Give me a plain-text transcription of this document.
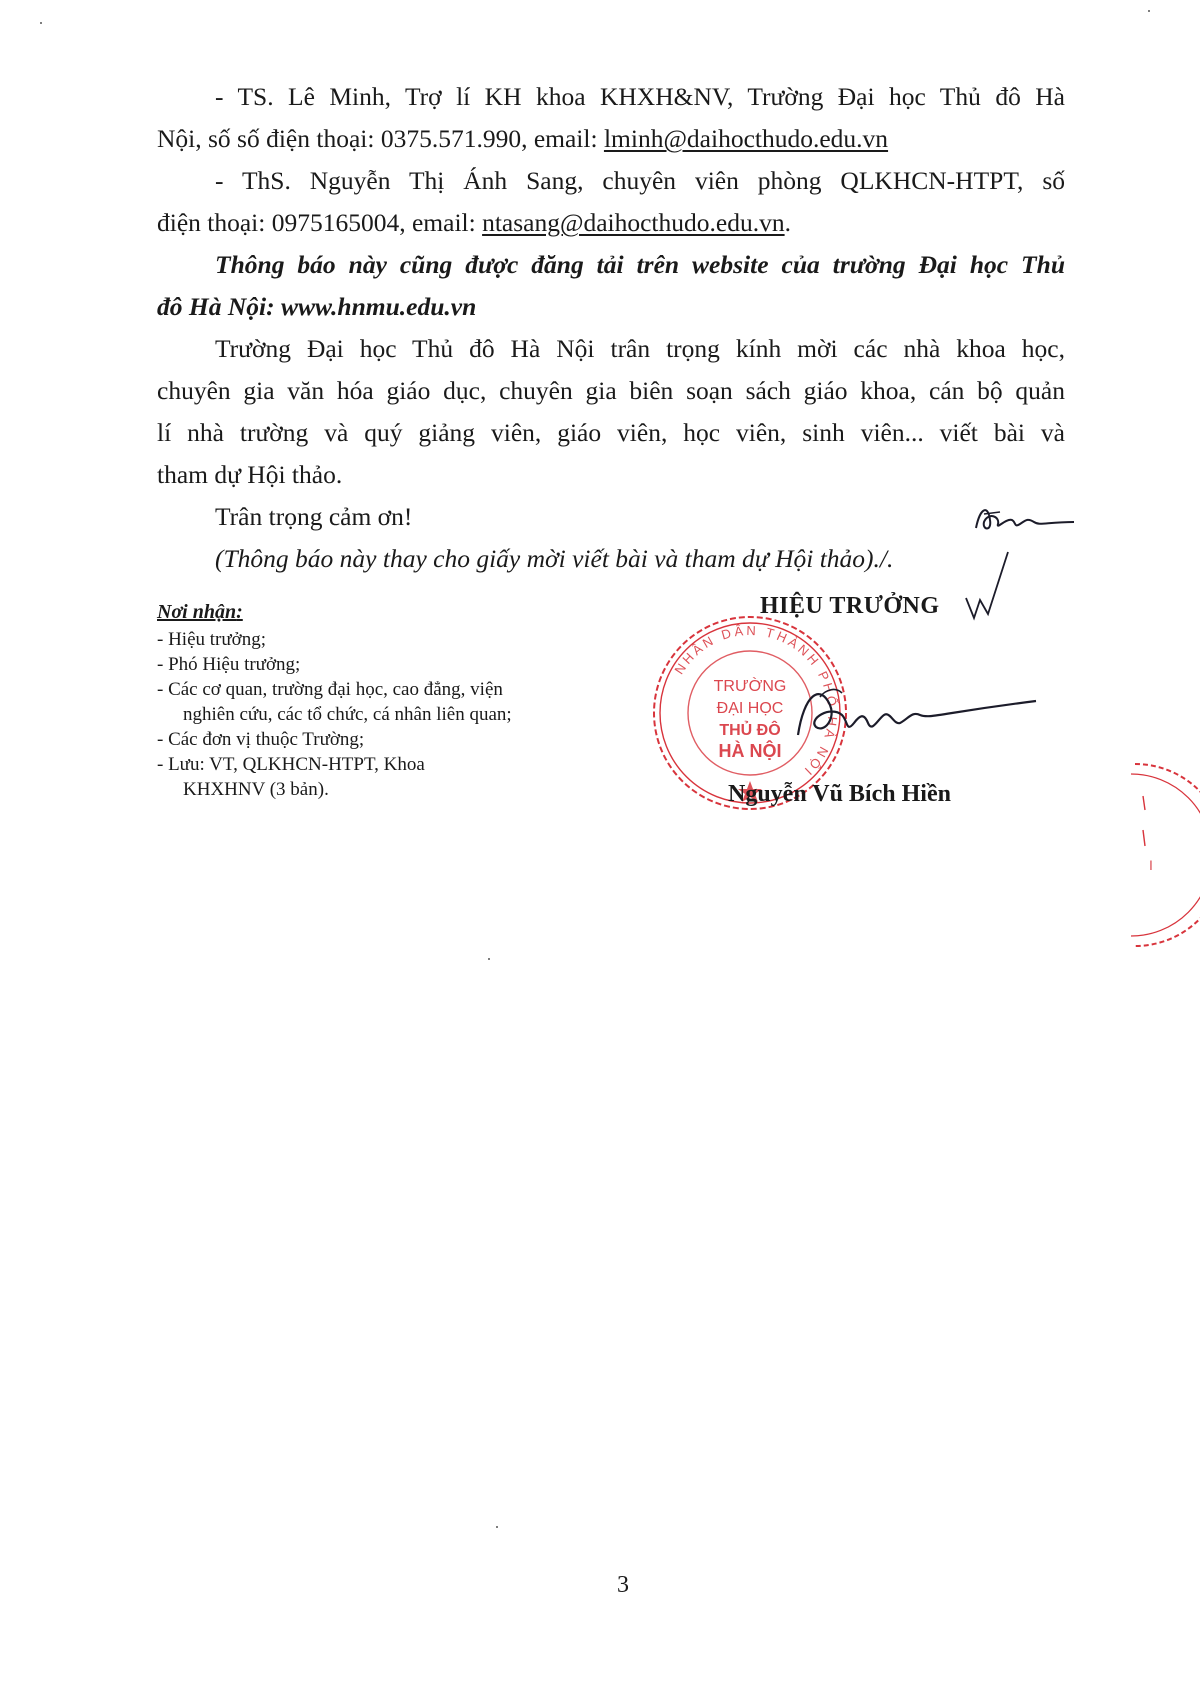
- TS. Lê Minh, Trợ lí KH khoa KHXH&NV, Trường Đại học Thủ đô Hà

Nội, số số điện thoại: 0375.571.990, email: lminh@daihocthudo.edu.vn

- ThS. Nguyễn Thị Ánh Sang, chuyên viên phòng QLKHCN-HTPT, số

điện thoại: 0975165004, email: ntasang@daihocthudo.edu.vn.

Thông báo này cũng được đăng tải trên website của trường Đại học Thủ

đô Hà Nội: www.hnmu.edu.vn

Trường Đại học Thủ đô Hà Nội trân trọng kính mời các nhà khoa học,

chuyên gia văn hóa giáo dục, chuyên gia biên soạn sách giáo khoa, cán bộ quản

lí nhà trường và quý giảng viên, giáo viên, học viên, sinh viên... viết bài và

tham dự Hội thảo.

Trân trọng cảm ơn!

(Thông báo này thay cho giấy mời viết bài và tham dự Hội thảo)./.

Nơi nhận:

- Hiệu trưởng;

- Phó Hiệu trưởng;

- Các cơ quan, trường đại học, cao đẳng, viện

nghiên cứu, các tổ chức, cá nhân liên quan;

- Các đơn vị thuộc Trường;

- Lưu: VT, QLKHCN-HTPT, Khoa

KHXHNV (3 bản).

HIỆU TRƯỞNG
NHÂN DÂN THÀNH PHỐ HÀ NỘI
TRƯỜNG
ĐẠI HỌC
THỦ ĐÔ
HÀ NỘI
Nguyễn Vũ Bích Hiền
I
3
